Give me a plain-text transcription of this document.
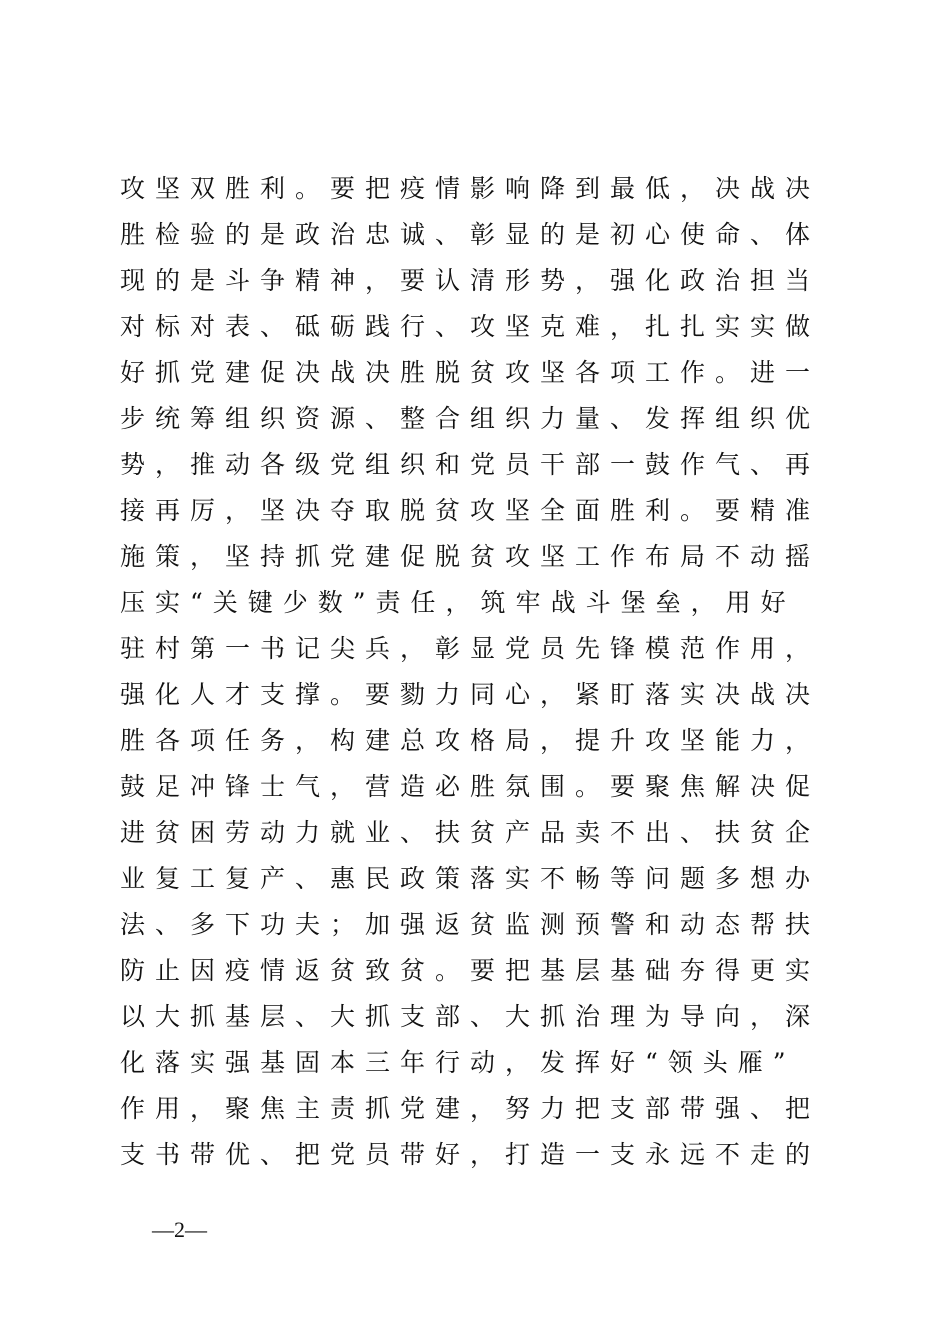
攻坚双胜利。要把疫情影响降到最低，决战决
胜检验的是政治忠诚、彰显的是初心使命、体
现的是斗争精神，要认清形势，强化政治担当
对标对表、砥砺践行、攻坚克难，扎扎实实做
好抓党建促决战决胜脱贫攻坚各项工作。进一
步统筹组织资源、整合组织力量、发挥组织优
势，推动各级党组织和党员干部一鼓作气、再
接再厉，坚决夺取脱贫攻坚全面胜利。要精准
施策，坚持抓党建促脱贫攻坚工作布局不动摇
压实“关键少数”责任，筑牢战斗堡垒，用好
驻村第一书记尖兵，彰显党员先锋模范作用，
强化人才支撑。要勠力同心，紧盯落实决战决
胜各项任务，构建总攻格局，提升攻坚能力，
鼓足冲锋士气，营造必胜氛围。要聚焦解决促
进贫困劳动力就业、扶贫产品卖不出、扶贫企
业复工复产、惠民政策落实不畅等问题多想办
法、多下功夫；加强返贫监测预警和动态帮扶
防止因疫情返贫致贫。要把基层基础夯得更实
以大抓基层、大抓支部、大抓治理为导向，深
化落实强基固本三年行动，发挥好“领头雁”
作用，聚焦主责抓党建，努力把支部带强、把
支书带优、把党员带好，打造一支永远不走的
—2—
